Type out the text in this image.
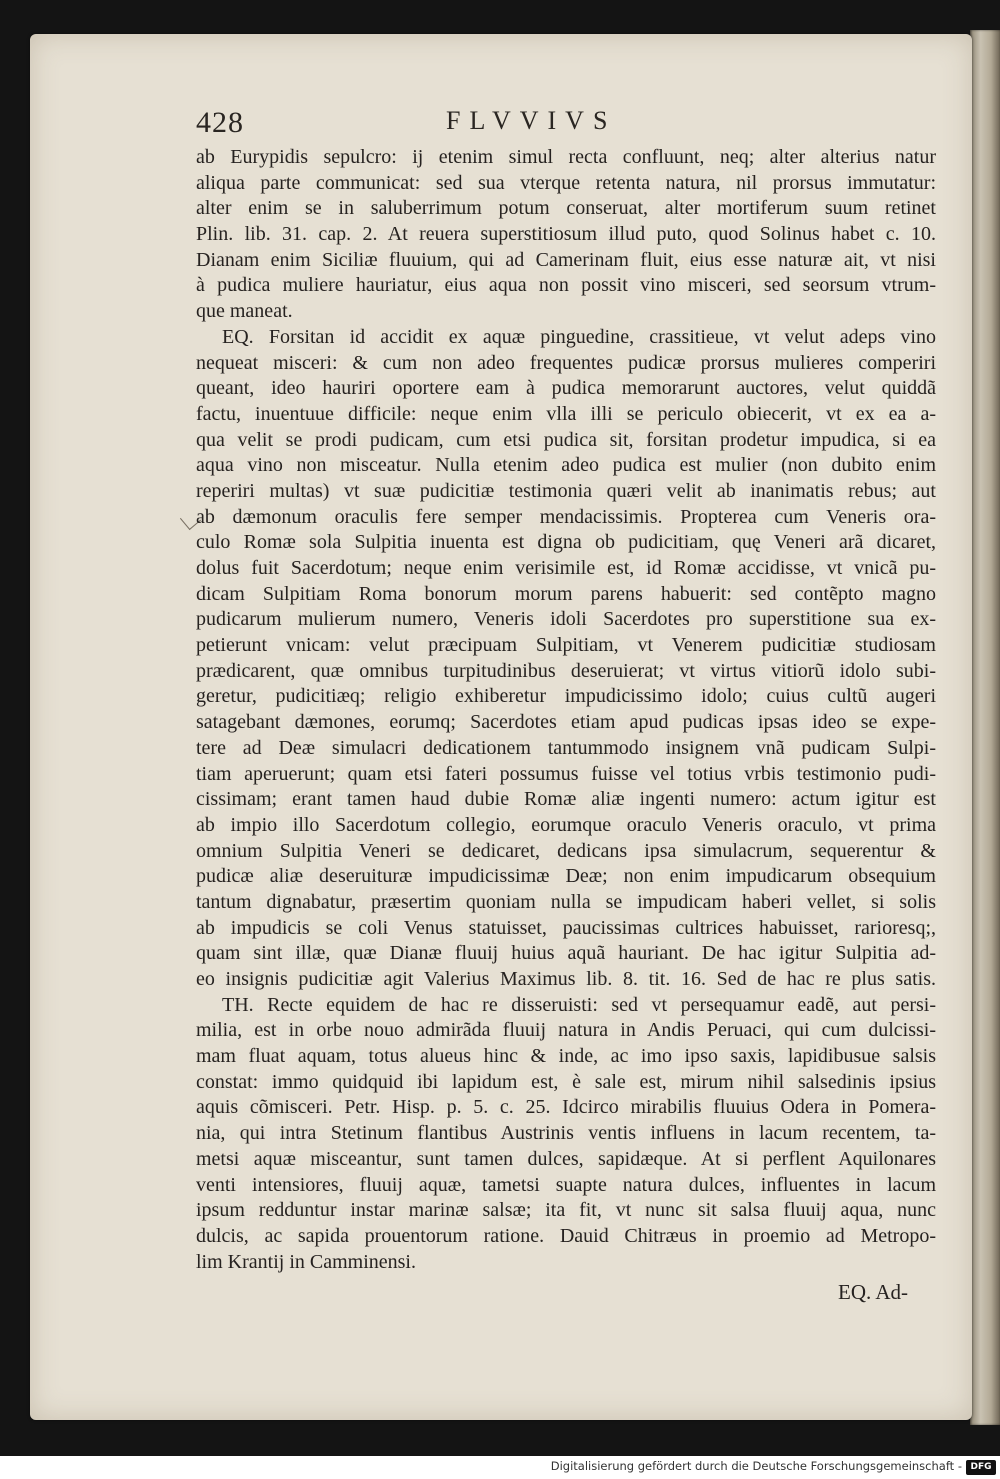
428	FLVVIVS
ab Eurypidis sepulcro: ij etenim simul recta confluunt, neq; alter alterius natur
aliqua parte communicat: sed sua vterque retenta natura, nil prorsus immutatur:
alter enim se in saluberrimum potum conseruat, alter mortiferum suum retinet
Plin. lib. 31. cap. 2. At reuera superstitiosum illud puto, quod Solinus habet c. 10.
Dianam enim Siciliæ fluuium, qui ad Camerinam fluit, eius esse naturæ ait, vt nisi
à pudica muliere hauriatur, eius aqua non possit vino misceri, sed seorsum vtrum-
que maneat.
EQ. Forsitan id accidit ex aquæ pinguedine, crassitieue, vt velut adeps vino
nequeat misceri: & cum non adeo frequentes pudicæ prorsus mulieres comperiri
queant, ideo hauriri oportere eam à pudica memorarunt auctores, velut quiddã
factu, inuentuue difficile: neque enim vlla illi se periculo obiecerit, vt ex ea a-
qua velit se prodi pudicam, cum etsi pudica sit, forsitan prodetur impudica, si ea
aqua vino non misceatur. Nulla etenim adeo pudica est mulier (non dubito enim
reperiri multas) vt suæ pudicitiæ testimonia quæri velit ab inanimatis rebus; aut
ab dæmonum oraculis fere semper mendacissimis. Propterea cum Veneris ora-
culo Romæ sola Sulpitia inuenta est digna ob pudicitiam, quę Veneri arã dicaret,
dolus fuit Sacerdotum; neque enim verisimile est, id Romæ accidisse, vt vnicã pu-
dicam Sulpitiam Roma bonorum morum parens habuerit: sed contẽpto magno
pudicarum mulierum numero, Veneris idoli Sacerdotes pro superstitione sua ex-
petierunt vnicam: velut præcipuam Sulpitiam, vt Venerem pudicitiæ studiosam
prædicarent, quæ omnibus turpitudinibus deseruierat; vt virtus vitiorũ idolo subi-
geretur, pudicitiæq; religio exhiberetur impudicissimo idolo; cuius cultũ augeri
satagebant dæmones, eorumq; Sacerdotes etiam apud pudicas ipsas ideo se expe-
tere ad Deæ simulacri dedicationem tantummodo insignem vnã pudicam Sulpi-
tiam aperuerunt; quam etsi fateri possumus fuisse vel totius vrbis testimonio pudi-
cissimam; erant tamen haud dubie Romæ aliæ ingenti numero: actum igitur est
ab impio illo Sacerdotum collegio, eorumque oraculo Veneris oraculo, vt prima
omnium Sulpitia Veneri se dedicaret, dedicans ipsa simulacrum, sequerentur &
pudicæ aliæ deseruituræ impudicissimæ Deæ; non enim impudicarum obsequium
tantum dignabatur, præsertim quoniam nulla se impudicam haberi vellet, si solis
ab impudicis se coli Venus statuisset, paucissimas cultrices habuisset, rarioresq;,
quam sint illæ, quæ Dianæ fluuij huius aquã hauriant. De hac igitur Sulpitia ad-
eo insignis pudicitiæ agit Valerius Maximus lib. 8. tit. 16. Sed de hac re plus satis.
TH. Recte equidem de hac re disseruisti: sed vt persequamur eadẽ, aut persi-
milia, est in orbe nouo admirãda fluuij natura in Andis Peruaci, qui cum dulcissi-
mam fluat aquam, totus alueus hinc & inde, ac imo ipso saxis, lapidibusue salsis
constat: immo quidquid ibi lapidum est, è sale est, mirum nihil salsedinis ipsius
aquis cõmisceri. Petr. Hisp. p. 5. c. 25. Idcirco mirabilis fluuius Odera in Pomera-
nia, qui intra Stetinum flantibus Austrinis ventis influens in lacum recentem, ta-
metsi aquæ misceantur, sunt tamen dulces, sapidæque. At si perflent Aquilonares
venti intensiores, fluuij aquæ, tametsi suapte natura dulces, influentes in lacum
ipsum redduntur instar marinæ salsæ; ita fit, vt nunc sit salsa fluuij aqua, nunc
dulcis, ac sapida prouentorum ratione. Dauid Chitræus in proemio ad Metropo-
lim Krantij in Camminensi.
EQ. Ad-
Digitalisierung gefördert durch die Deutsche Forschungsgemeinschaft - DFG
